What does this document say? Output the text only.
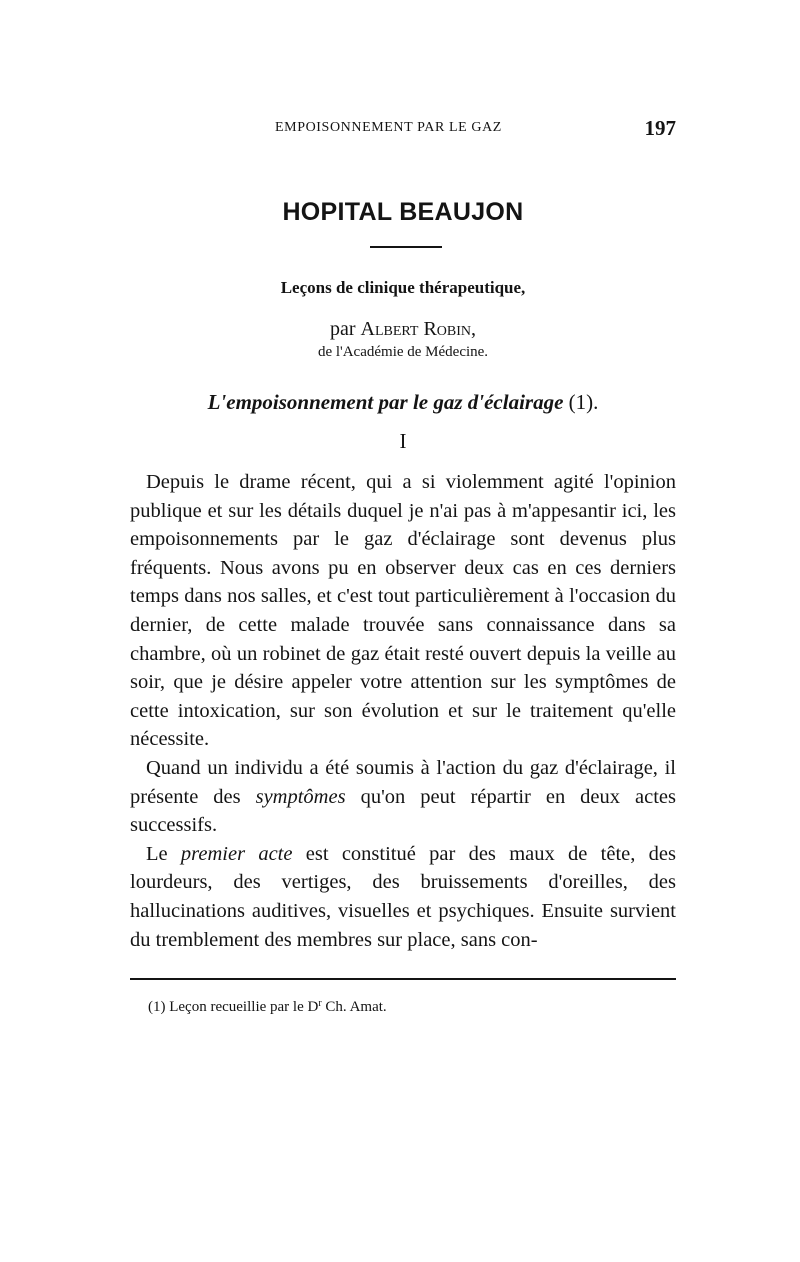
EMPOISONNEMENT PAR LE GAZ	197
HOPITAL BEAUJON
Leçons de clinique thérapeutique,
par Albert Robin,
de l'Académie de Médecine.
L'empoisonnement par le gaz d'éclairage (1).
I

Depuis le drame récent, qui a si violemment agité l'opinion publique et sur les détails duquel je n'ai pas à m'appesantir ici, les empoisonnements par le gaz d'éclairage sont devenus plus fréquents. Nous avons pu en observer deux cas en ces derniers temps dans nos salles, et c'est tout particulièrement à l'occasion du dernier, de cette malade trouvée sans connaissance dans sa chambre, où un robinet de gaz était resté ouvert depuis la veille au soir, que je désire appeler votre attention sur les symptômes de cette intoxication, sur son évolution et sur le traitement qu'elle nécessite.

Quand un individu a été soumis à l'action du gaz d'éclairage, il présente des symptômes qu'on peut répartir en deux actes successifs.

Le premier acte est constitué par des maux de tête, des lourdeurs, des vertiges, des bruissements d'oreilles, des hallucinations auditives, visuelles et psychiques. Ensuite survient du tremblement des membres sur place, sans con-

(1) Leçon recueillie par le $D^r$ Ch. Amat.
